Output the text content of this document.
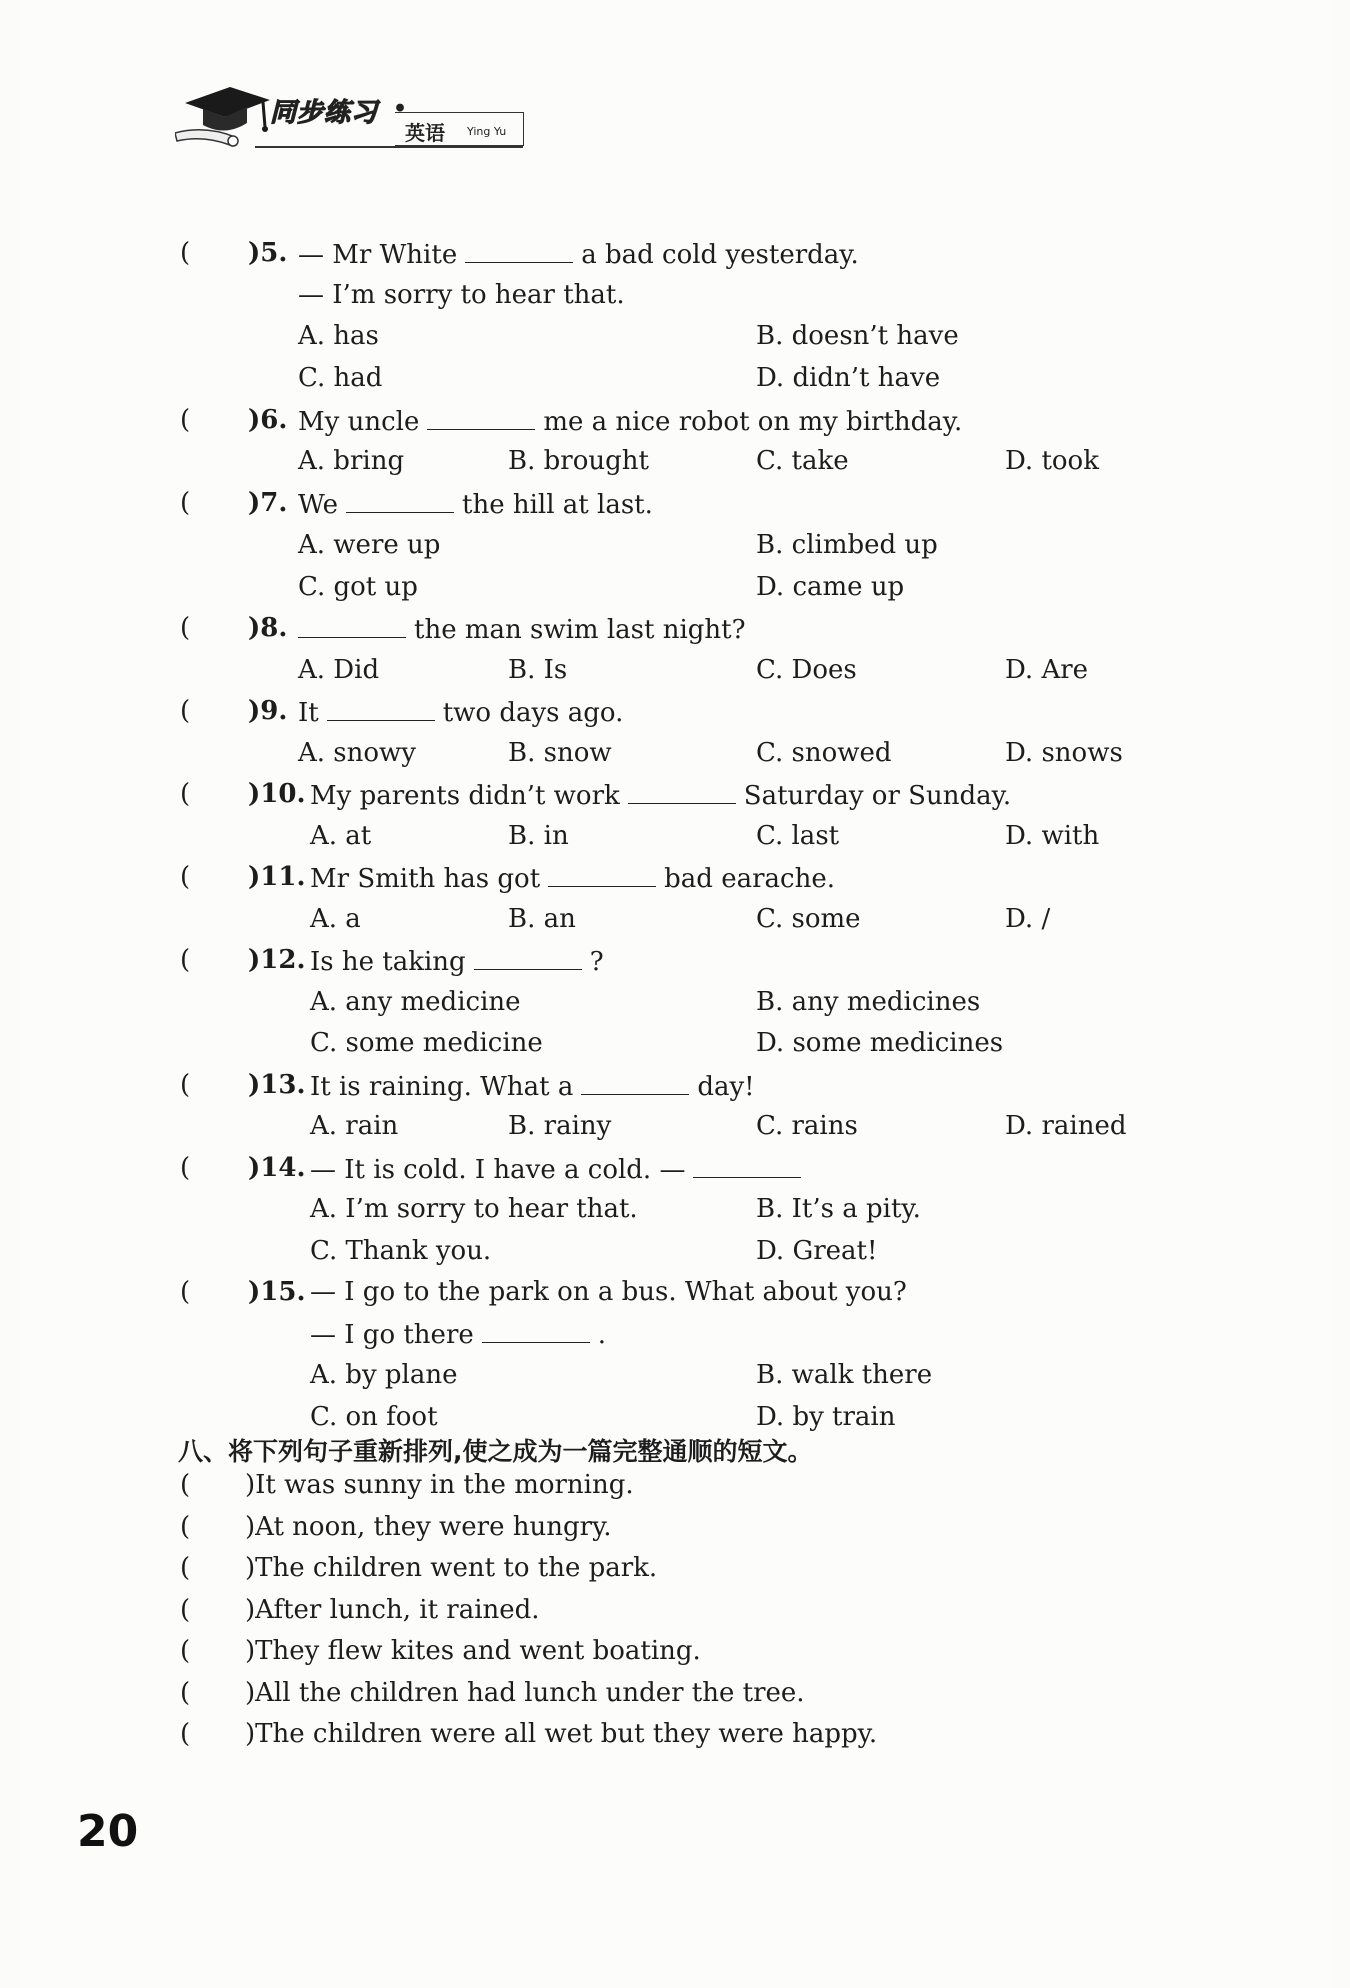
同步练习 •
英语 Ying Yu
( )5. — Mr White	a bad cold yesterday.
— I’m sorry to hear that.
A. has	B. doesn’t have
C. had	D. didn’t have
( )6. My uncle	me a nice robot on my birthday.
A. bring	B. brought	C. take	D. took
( )7. We	the hill at last.
A. were up	B. climbed up
C. got up	D. came up
( )8.	the man swim last night?
A. Did	B. Is	C. Does	D. Are
( )9. It	two days ago.
A. snowy	B. snow	C. snowed	D. snows
( )10. My parents didn’t work	Saturday or Sunday.
A. at	B. in	C. last	D. with
( )11. Mr Smith has got	bad earache.
A. a	B. an	C. some	D. /
( )12. Is he taking	?
A. any medicine	B. any medicines
C. some medicine	D. some medicines
( )13. It is raining. What a	day!
A. rain	B. rainy	C. rains	D. rained
( )14. — It is cold. I have a cold. —
A. I’m sorry to hear that.	B. It’s a pity.
C. Thank you.	D. Great!
( )15. — I go to the park on a bus. What about you?
— I go there	.
A. by plane	B. walk there
C. on foot	D. by train
八、将下列句子重新排列,使之成为一篇完整通顺的短文。
( )It was sunny in the morning.
( )At noon, they were hungry.
( )The children went to the park.
( )After lunch, it rained.
( )They flew kites and went boating.
( )All the children had lunch under the tree.
( )The children were all wet but they were happy.
20
